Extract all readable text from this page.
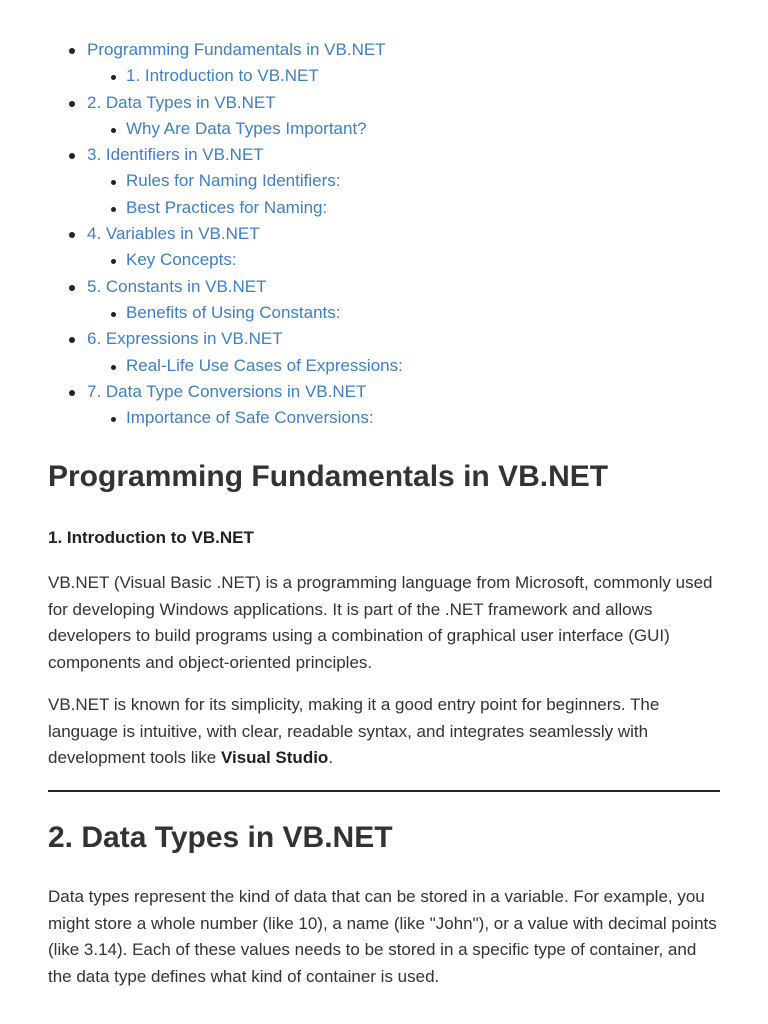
Programming Fundamentals in VB.NET
1. Introduction to VB.NET
2. Data Types in VB.NET
Why Are Data Types Important?
3. Identifiers in VB.NET
Rules for Naming Identifiers:
Best Practices for Naming:
4. Variables in VB.NET
Key Concepts:
5. Constants in VB.NET
Benefits of Using Constants:
6. Expressions in VB.NET
Real-Life Use Cases of Expressions:
7. Data Type Conversions in VB.NET
Importance of Safe Conversions:
Programming Fundamentals in VB.NET
1. Introduction to VB.NET

VB.NET (Visual Basic .NET) is a programming language from Microsoft, commonly used for developing Windows applications. It is part of the .NET framework and allows developers to build programs using a combination of graphical user interface (GUI) components and object-oriented principles.

VB.NET is known for its simplicity, making it a good entry point for beginners. The language is intuitive, with clear, readable syntax, and integrates seamlessly with development tools like Visual Studio.

2. Data Types in VB.NET

Data types represent the kind of data that can be stored in a variable. For example, you might store a whole number (like 10), a name (like "John"), or a value with decimal points (like 3.14). Each of these values needs to be stored in a specific type of container, and the data type defines what kind of container is used.
